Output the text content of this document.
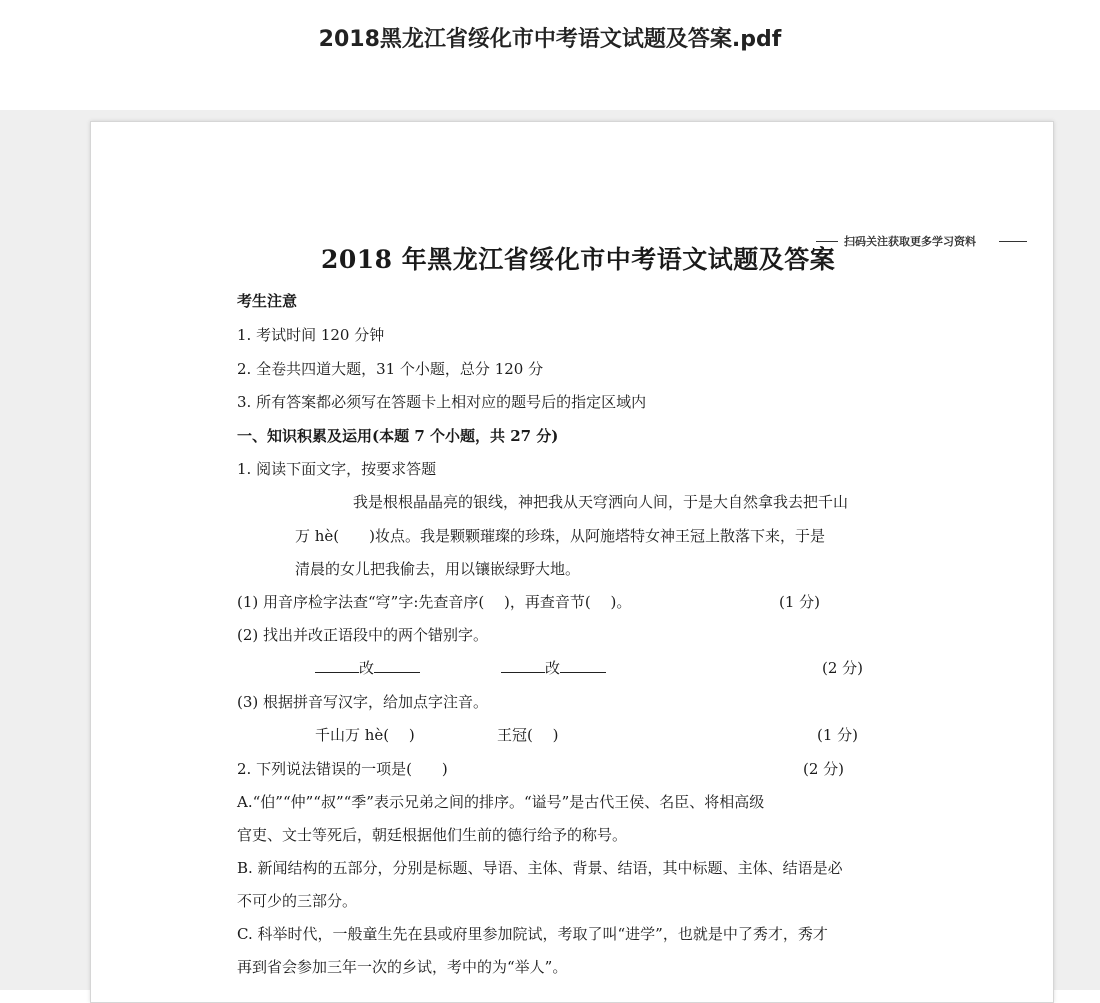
2018黑龙江省绥化市中考语文试题及答案.pdf
扫码关注获取更多学习资料
2018 年黑龙江省绥化市中考语文试题及答案
考生注意
1. 考试时间 120 分钟
2. 全卷共四道大题，31 个小题，总分 120 分
3. 所有答案都必须写在答题卡上相对应的题号后的指定区域内
一、知识积累及运用(本题 7 个小题，共 27 分)
1. 阅读下面文字，按要求答题
我是根根晶晶亮的银线，神把我从天穹洒向人间，于是大自然拿我去把千山
万 hè(　　)妆点。我是颗颗璀璨的珍珠，从阿施塔特女神王冠上散落下来，于是
清晨的女儿把我偷去，用以镶嵌绿野大地。
(1) 用音序检字法查“穹”字:先查音序(　 )，再查音节(　 )。	(1 分)
(2) 找出并改正语段中的两个错别字。
改	改	(2 分)
(3) 根据拼音写汉字，给加点字注音。
千山万 hè(　 )	王冠(　 )	(1 分)
2. 下列说法错误的一项是(　　)	(2 分)
A.“伯”“仲”“叔”“季”表示兄弟之间的排序。“谥号”是古代王侯、名臣、将相高级
官吏、文士等死后，朝廷根据他们生前的德行给予的称号。
B. 新闻结构的五部分，分别是标题、导语、主体、背景、结语，其中标题、主体、结语是必
不可少的三部分。
C. 科举时代，一般童生先在县或府里参加院试，考取了叫“进学”，也就是中了秀才，秀才
再到省会参加三年一次的乡试，考中的为“举人”。
